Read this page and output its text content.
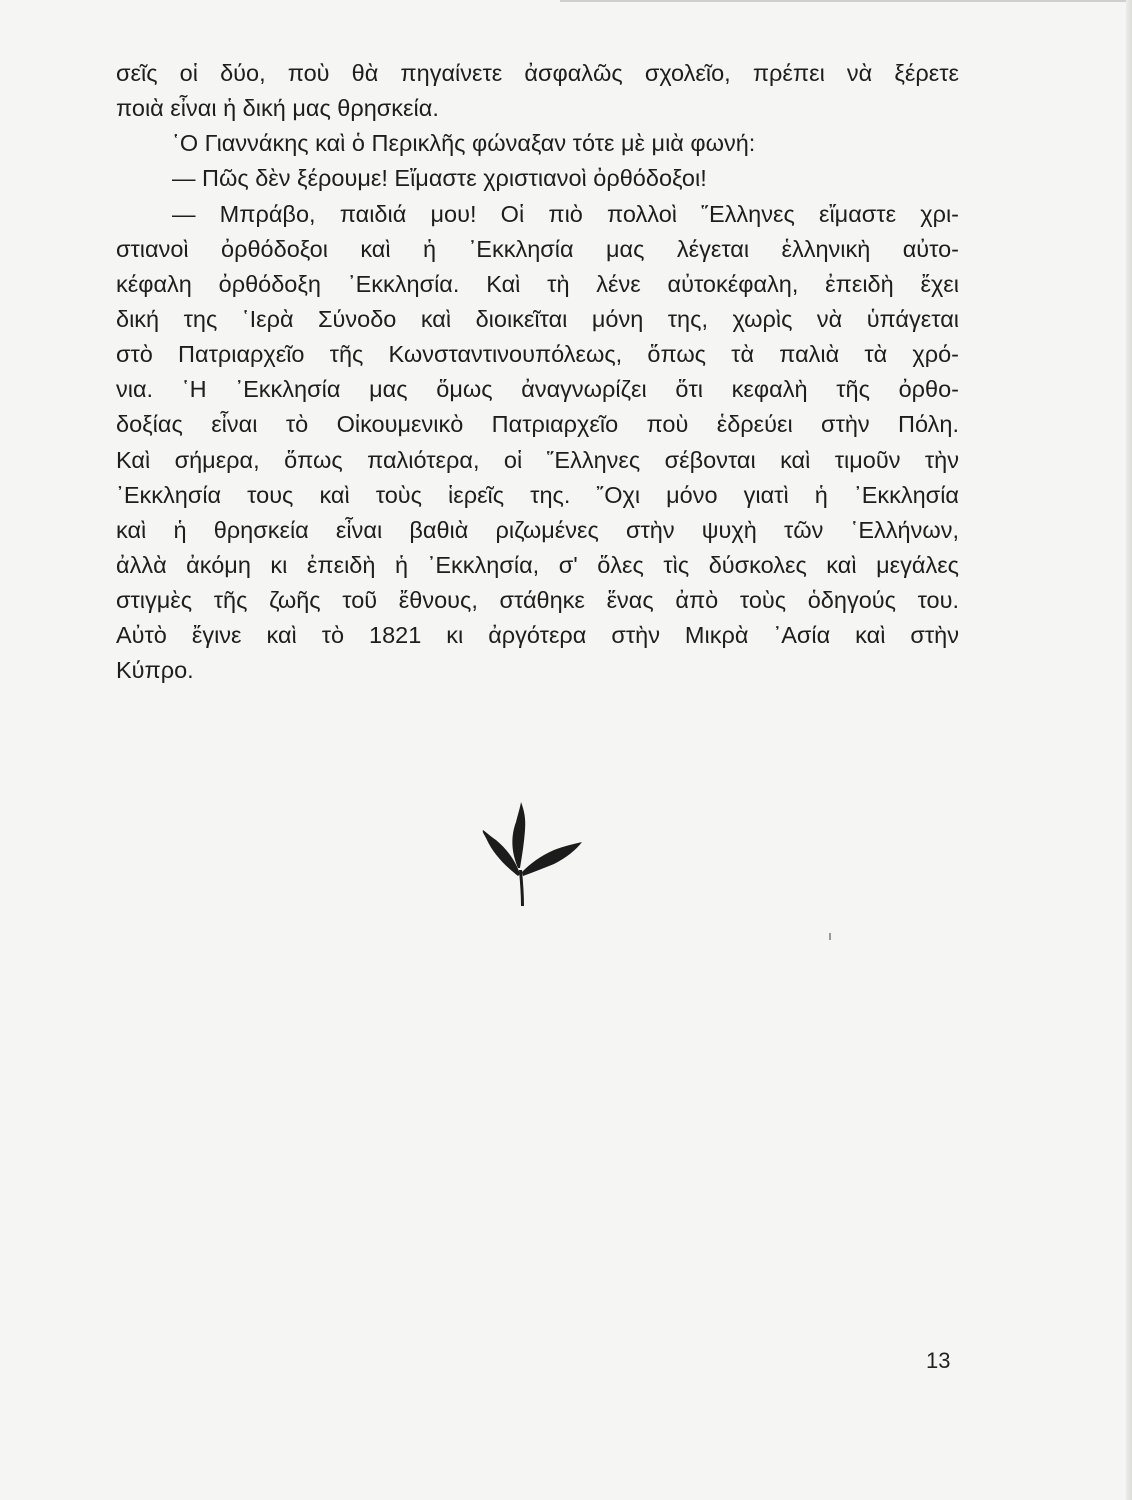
σεῖς οἱ δύο, ποὺ θὰ πηγαίνετε ἀσφαλῶς σχολεῖο, πρέπει νὰ ξέρετε
ποιὰ εἶναι ἡ δική μας θρησκεία.
῾Ο Γιαννάκης καὶ ὁ Περικλῆς φώναξαν τότε μὲ μιὰ φωνή:
— Πῶς δὲν ξέρουμε! Εἴμαστε χριστιανοὶ ὀρθόδοξοι!
— Μπράβο, παιδιά μου! Οἱ πιὸ πολλοὶ ῞Ελληνες εἴμαστε χρι-
στιανοὶ ὀρθόδοξοι καὶ ἡ ᾿Εκκλησία μας λέγεται ἑλληνικὴ αὐτο-
κέφαλη ὀρθόδοξη ᾿Εκκλησία. Καὶ τὴ λένε αὐτοκέφαλη, ἐπειδὴ ἔχει
δική της ῾Ιερὰ Σύνοδο καὶ διοικεῖται μόνη της, χωρὶς νὰ ὑπάγεται
στὸ Πατριαρχεῖο τῆς Κωνσταντινουπόλεως, ὅπως τὰ παλιὰ τὰ χρό-
νια. ῾Η ᾿Εκκλησία μας ὅμως ἀναγνωρίζει ὅτι κεφαλὴ τῆς ὀρθο-
δοξίας εἶναι τὸ Οἰκουμενικὸ Πατριαρχεῖο ποὺ ἑδρεύει στὴν Πόλη.
Καὶ σήμερα, ὅπως παλιότερα, οἱ ῞Ελληνες σέβονται καὶ τιμοῦν τὴν
᾿Εκκλησία τους καὶ τοὺς ἱερεῖς της. ῎Οχι μόνο γιατὶ ἡ ᾿Εκκλησία
καὶ ἡ θρησκεία εἶναι βαθιὰ ριζωμένες στὴν ψυχὴ τῶν ῾Ελλήνων,
ἀλλὰ ἀκόμη κι ἐπειδὴ ἡ ᾿Εκκλησία, σ' ὅλες τὶς δύσκολες καὶ μεγάλες
στιγμὲς τῆς ζωῆς τοῦ ἔθνους, στάθηκε ἕνας ἀπὸ τοὺς ὁδηγούς του.
Αὐτὸ ἔγινε καὶ τὸ 1821 κι ἀργότερα στὴν Μικρὰ ᾿Ασία καὶ στὴν
Κύπρο.
13
